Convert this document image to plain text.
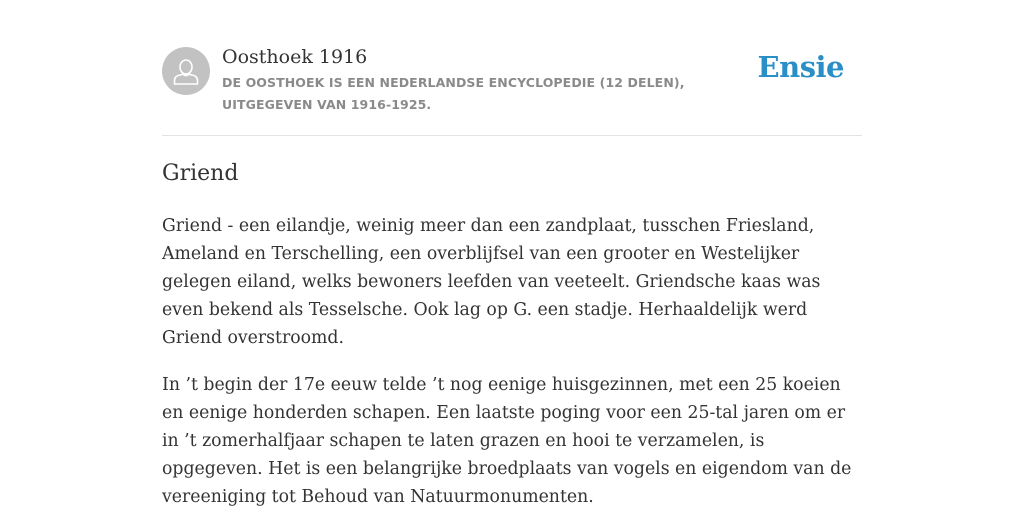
Oosthoek 1916
DE OOSTHOEK IS EEN NEDERLANDSE ENCYCLOPEDIE (12 DELEN), UITGEGEVEN VAN 1916-1925.
Ensie
Griend

Griend - een eilandje, weinig meer dan een zandplaat, tusschen Friesland, Ameland en Terschelling, een overblijfsel van een grooter en Westelijker gelegen eiland, welks bewoners leefden van veeteelt. Griendsche kaas was even bekend als Tesselsche. Ook lag op G. een stadje. Herhaaldelijk werd Griend overstroomd.

In ’t begin der 17e eeuw telde ’t nog eenige huisgezinnen, met een 25 koeien en eenige honderden schapen. Een laatste poging voor een 25-tal jaren om er in ’t zomerhalfjaar schapen te laten grazen en hooi te verzamelen, is opgegeven. Het is een belangrijke broedplaats van vogels en eigendom van de vereeniging tot Behoud van Natuurmonumenten.
